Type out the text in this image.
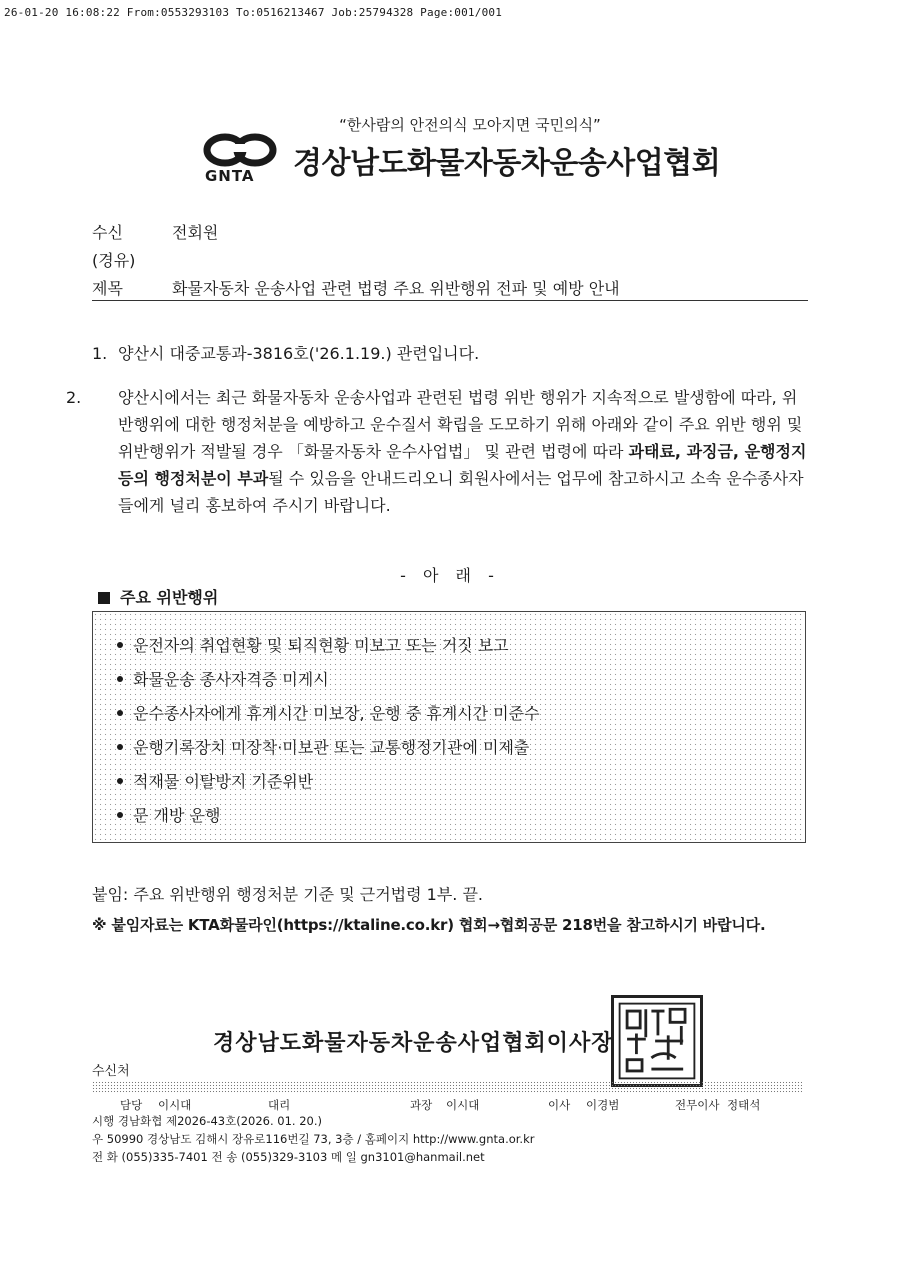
26-01-20 16:08:22 From:0553293103 To:0516213467 Job:25794328 Page:001/001
“한사람의 안전의식 모아지면 국민의식”
GNTA 경상남도화물자동차운송사업협회
수신	전회원
(경유)
제목	화물자동차 운송사업 관련 법령 주요 위반행위 전파 및 예방 안내
1. 양산시 대중교통과-3816호('26.1.19.) 관련입니다.

2. 양산시에서는 최근 화물자동차 운송사업과 관련된 법령 위반 행위가 지속적으로 발생함에 따라, 위반행위에 대한 행정처분을 예방하고 운수질서 확립을 도모하기 위해 아래와 같이 주요 위반 행위 및 위반행위가 적발될 경우 「화물자동차 운수사업법」 및 관련 법령에 따라 과태료, 과징금, 운행정지 등의 행정처분이 부과될 수 있음을 안내드리오니 회원사에서는 업무에 참고하시고 소속 운수종사자들에게 널리 홍보하여 주시기 바랍니다.

- 아 래 -
주요 위반행위
운전자의 취업현황 및 퇴직현황 미보고 또는 거짓 보고
화물운송 종사자격증 미게시
운수종사자에게 휴게시간 미보장, 운행 중 휴게시간 미준수
운행기록장치 미장착·미보관 또는 교통행정기관에 미제출
적재물 이탈방지 기준위반
문 개방 운행
붙임: 주요 위반행위 행정처분 기준 및 근거법령 1부. 끝.
※ 붙임자료는 KTA화물라인(https://ktaline.co.kr) 협회→협회공문 218번을 참고하시기 바랍니다.
경상남도화물자동차운송사업협회이사장
수신처
담당 이시대	대리	과장 이시대	이사 이경범	전무이사 정태석
시행 경남화협 제2026-43호(2026. 01. 20.)
우 50990 경상남도 김해시 장유로116번길 73, 3층 / 홈페이지 http://www.gnta.or.kr
전 화 (055)335-7401 전 송 (055)329-3103 메 일 gn3101@hanmail.net
